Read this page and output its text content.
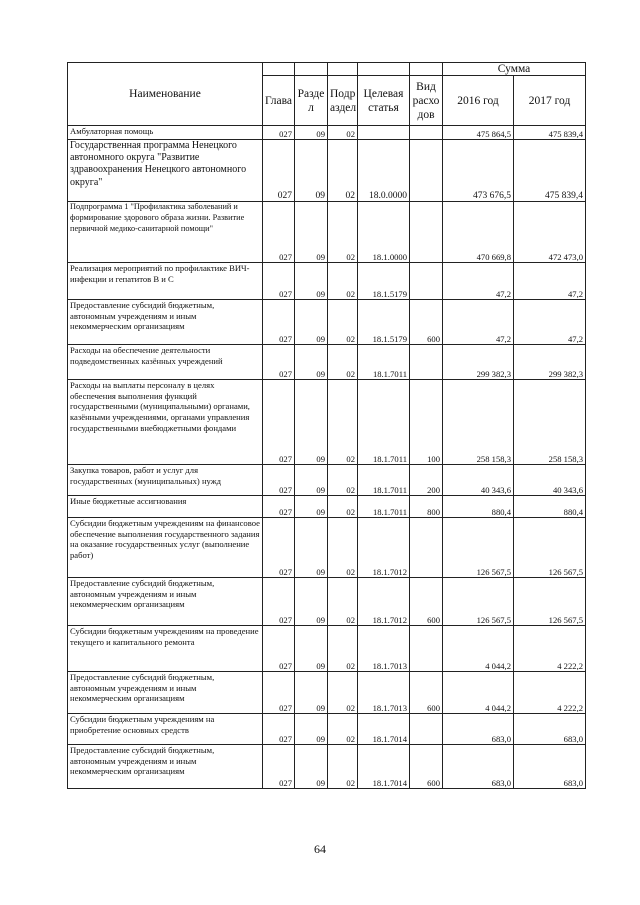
Наименование						Сумма	
	Глава	Разде л	Подр аздел	Целевая статья	Вид расхо дов	2016 год	2017 год
Амбулаторная помощь	027	09	02			475 864,5	475 839,4
Государственная программа Ненецкого автономного округа "Развитие здравоохранения Ненецкого автономного округа"	027	09	02	18.0.0000		473 676,5	475 839,4
Подпрограмма 1 "Профилактика заболеваний и формирование здорового образа жизни. Развитие первичной медико-санитарной помощи"	027	09	02	18.1.0000		470 669,8	472 473,0
Реализация мероприятий по профилактике ВИЧ-инфекции и гепатитов В и С	027	09	02	18.1.5179		47,2	47,2
Предоставление субсидий бюджетным, автономным учреждениям и иным некоммерческим организациям	027	09	02	18.1.5179	600	47,2	47,2
Расходы на обеспечение деятельности подведомственных казённых учреждений	027	09	02	18.1.7011		299 382,3	299 382,3
Расходы на выплаты персоналу в целях обеспечения выполнения функций государственными (муниципальными) органами, казёнными учреждениями, органами управления государственными внебюджетными фондами	027	09	02	18.1.7011	100	258 158,3	258 158,3
Закупка товаров, работ и услуг для государственных (муниципальных) нужд	027	09	02	18.1.7011	200	40 343,6	40 343,6
Иные бюджетные ассигнования	027	09	02	18.1.7011	800	880,4	880,4
Субсидии бюджетным учреждениям на финансовое обеспечение выполнения государственного задания на оказание государственных услуг (выполнение работ)	027	09	02	18.1.7012		126 567,5	126 567,5
Предоставление субсидий бюджетным, автономным учреждениям и иным некоммерческим организациям	027	09	02	18.1.7012	600	126 567,5	126 567,5
Субсидии бюджетным учреждениям на проведение текущего и капитального ремонта	027	09	02	18.1.7013		4 044,2	4 222,2
Предоставление субсидий бюджетным, автономным учреждениям и иным некоммерческим организациям	027	09	02	18.1.7013	600	4 044,2	4 222,2
Субсидии бюджетным учреждениям на приобретение основных средств	027	09	02	18.1.7014		683,0	683,0
Предоставление субсидий бюджетным, автономным учреждениям и иным некоммерческим организациям	027	09	02	18.1.7014	600	683,0	683,0
64
